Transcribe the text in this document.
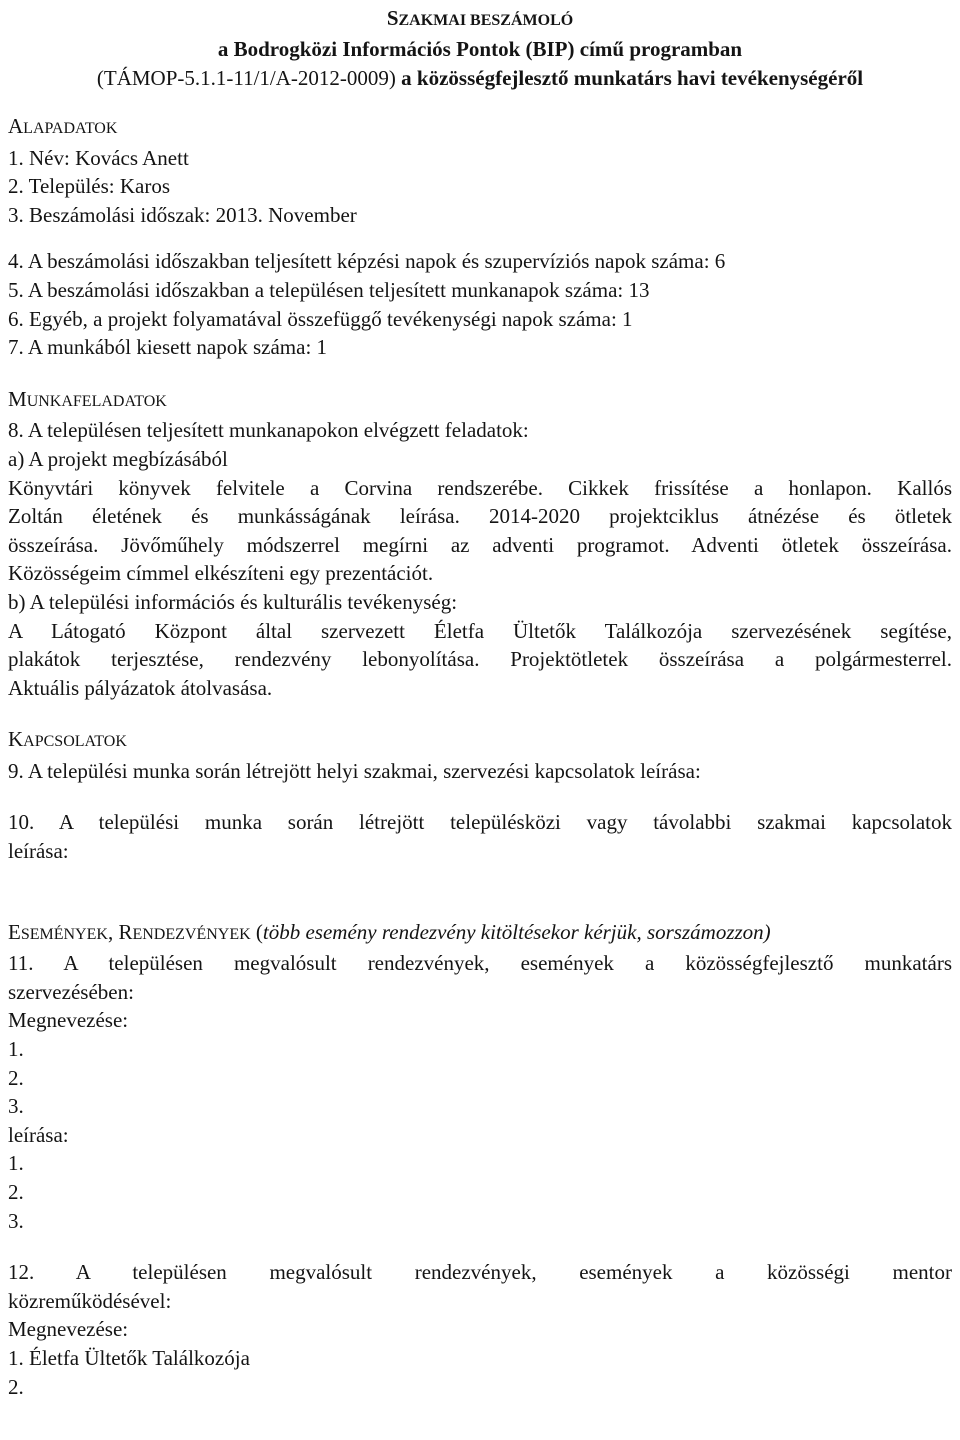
SZAKMAI BESZÁMOLÓ
a Bodrogközi Információs Pontok (BIP) című programban
(TÁMOP-5.1.1-11/1/A-2012-0009) a közösségfejlesztő munkatárs havi tevékenységéről
ALAPADATOK
1. Név: Kovács Anett
2. Település: Karos
3. Beszámolási időszak: 2013. November
4. A beszámolási időszakban teljesített képzési napok és szupervíziós napok száma: 6
5. A beszámolási időszakban a településen teljesített munkanapok száma: 13
6. Egyéb, a projekt folyamatával összefüggő tevékenységi napok száma: 1
7. A munkából kiesett napok száma: 1
MUNKAFELADATOK
8. A településen teljesített munkanapokon elvégzett feladatok:
a) A projekt megbízásából
Könyvtári könyvek felvitele a Corvina rendszerébe. Cikkek frissítése a honlapon. Kallós
Zoltán életének és munkásságának leírása. 2014-2020 projektciklus átnézése és ötletek
összeírása. Jövőműhely módszerrel megírni az adventi programot. Adventi ötletek összeírása.
Közösségeim címmel elkészíteni egy prezentációt.
b) A települési információs és kulturális tevékenység:
A Látogató Központ által szervezett Életfa Ültetők Találkozója szervezésének segítése,
plakátok terjesztése, rendezvény lebonyolítása. Projektötletek összeírása a polgármesterrel.
Aktuális pályázatok átolvasása.
KAPCSOLATOK
9. A települési munka során létrejött helyi szakmai, szervezési kapcsolatok leírása:
10. A települési munka során létrejött településközi vagy távolabbi szakmai kapcsolatok
leírása:
ESEMÉNYEK, RENDEZVÉNYEK (több esemény rendezvény kitöltésekor kérjük, sorszámozzon)
11. A településen megvalósult rendezvények, események a közösségfejlesztő munkatárs
szervezésében:
Megnevezése:
1.
2.
3.
leírása:
1.
2.
3.
12. A településen megvalósult rendezvények, események a közösségi mentor
közreműködésével:
Megnevezése:
1. Életfa Ültetők Találkozója
2.
